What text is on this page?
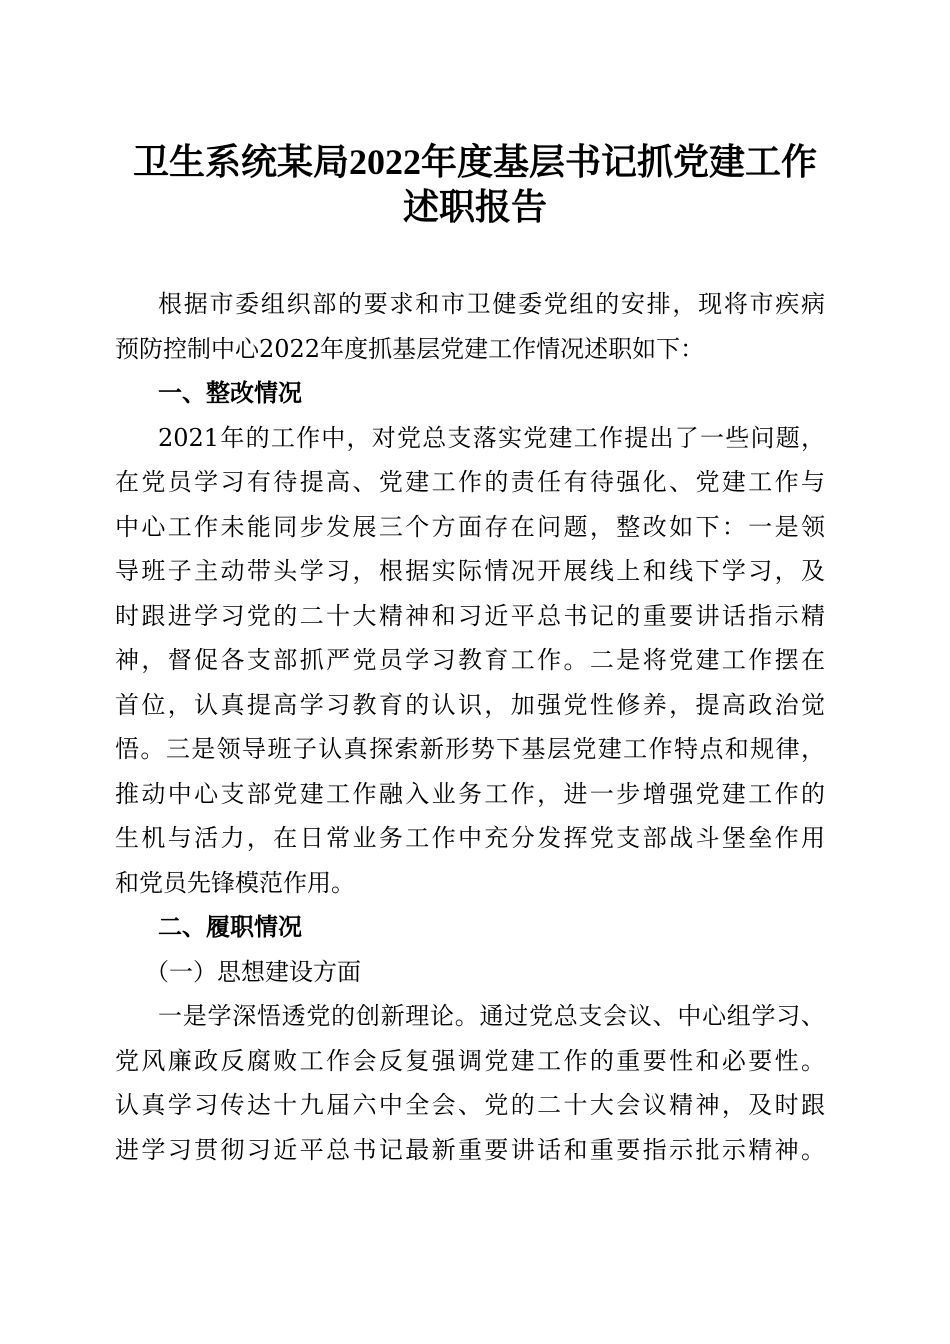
卫生系统某局2022年度基层书记抓党建工作
述职报告
根据市委组织部的要求和市卫健委党组的安排，现将市疾病
预防控制中心2022年度抓基层党建工作情况述职如下：
一、整改情况
2021年的工作中，对党总支落实党建工作提出了一些问题，
在党员学习有待提高、党建工作的责任有待强化、党建工作与
中心工作未能同步发展三个方面存在问题，整改如下：一是领
导班子主动带头学习，根据实际情况开展线上和线下学习，及
时跟进学习党的二十大精神和习近平总书记的重要讲话指示精
神，督促各支部抓严党员学习教育工作。二是将党建工作摆在
首位，认真提高学习教育的认识，加强党性修养，提高政治觉
悟。三是领导班子认真探索新形势下基层党建工作特点和规律，
推动中心支部党建工作融入业务工作，进一步增强党建工作的
生机与活力，在日常业务工作中充分发挥党支部战斗堡垒作用
和党员先锋模范作用。
二、履职情况
（一）思想建设方面
一是学深悟透党的创新理论。通过党总支会议、中心组学习、
党风廉政反腐败工作会反复强调党建工作的重要性和必要性。
认真学习传达十九届六中全会、党的二十大会议精神，及时跟
进学习贯彻习近平总书记最新重要讲话和重要指示批示精神。
